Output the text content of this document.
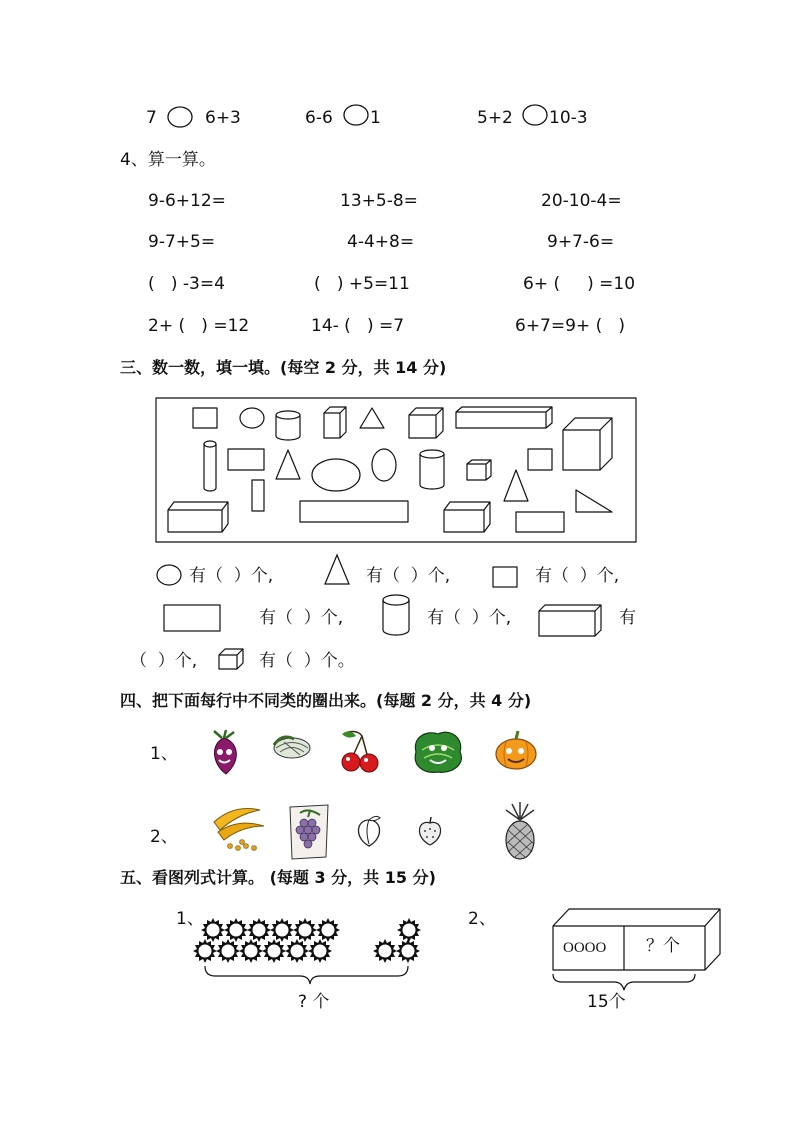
7	6+3	6-6 1	5+2 10-3
4、算一算。
9-6+12=	13+5-8=	20-10-4=
9-7+5=	4-4+8=	9+7-6=
(   ) -3=4	(   ) +5=11	6+ (     ) =10
2+ (   ) =12	14- (   ) =7	6+7=9+ (   )
三、数一数，填一填。(每空 2 分，共 14 分)
有（  ）个,	有（  ）个,	有（  ）个,
有（  ）个,	有（  ）个,	有
（  ）个,	有（  ）个。
四、把下面每行中不同类的圈出来。(每题 2 分，共 4 分)
1、
2、
五、看图列式计算。 (每题 3 分，共 15 分)
1、
? 个
2、
OOOO ？个
15个
